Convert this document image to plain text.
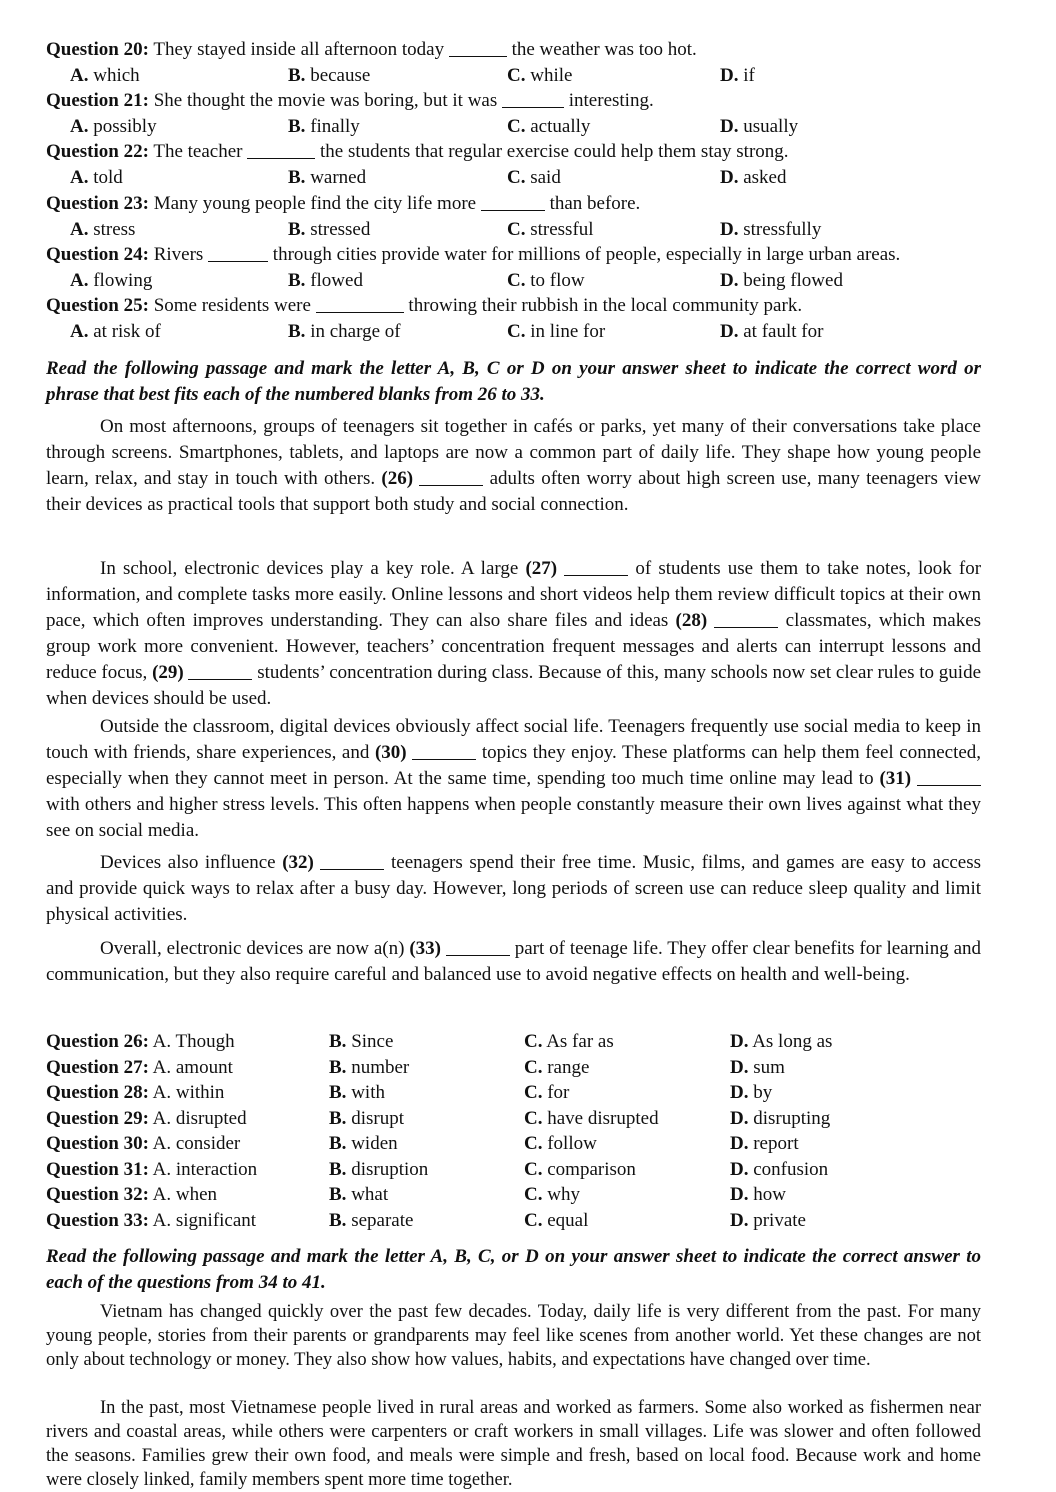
Question 20: They stayed inside all afternoon today	the weather was too hot.
A. which	B. because	C. while	D. if
Question 21: She thought the movie was boring, but it was	interesting.
A. possibly	B. finally	C. actually	D. usually
Question 22: The teacher	the students that regular exercise could help them stay strong.
A. told	B. warned	C. said	D. asked
Question 23: Many young people find the city life more	than before.
A. stress	B. stressed	C. stressful	D. stressfully
Question 24: Rivers	through cities provide water for millions of people, especially in large urban areas.
A. flowing	B. flowed	C. to flow	D. being flowed
Question 25: Some residents were	throwing their rubbish in the local community park.
A. at risk of	B. in charge of	C. in line for	D. at fault for
Read the following passage and mark the letter A, B, C or D on your answer sheet to indicate the correct word or phrase that best fits each of the numbered blanks from 26 to 33.

On most afternoons, groups of teenagers sit together in cafés or parks, yet many of their conversations take place through screens. Smartphones, tablets, and laptops are now a common part of daily life. They shape how young people learn, relax, and stay in touch with others. (26)	adults often worry about high screen use, many teenagers view their devices as practical tools that support both study and social connection.

In school, electronic devices play a key role. A large (27)	of students use them to take notes, look for information, and complete tasks more easily. Online lessons and short videos help them review difficult topics at their own pace, which often improves understanding. They can also share files and ideas (28)	classmates, which makes group work more convenient. However, teachers’ concentration frequent messages and alerts can interrupt lessons and reduce focus, (29)	students’ concentration during class. Because of this, many schools now set clear rules to guide when devices should be used.

Outside the classroom, digital devices obviously affect social life. Teenagers frequently use social media to keep in touch with friends, share experiences, and (30)	topics they enjoy. These platforms can help them feel connected, especially when they cannot meet in person. At the same time, spending too much time online may lead to (31)  with others and higher stress levels. This often happens when people constantly measure their own lives against what they see on social media.

Devices also influence (32)	teenagers spend their free time. Music, films, and games are easy to access and provide quick ways to relax after a busy day. However, long periods of screen use can reduce sleep quality and limit physical activities.

Overall, electronic devices are now a(n) (33)	part of teenage life. They offer clear benefits for learning and communication, but they also require careful and balanced use to avoid negative effects on health and well-being.

Question 26: A. Though	B. Since	C. As far as	D. As long as
Question 27: A. amount	B. number	C. range	D. sum
Question 28: A. within	B. with	C. for	D. by
Question 29: A. disrupted	B. disrupt	C. have disrupted	D. disrupting
Question 30: A. consider	B. widen	C. follow	D. report
Question 31: A. interaction	B. disruption	C. comparison	D. confusion
Question 32: A. when	B. what	C. why	D. how
Question 33: A. significant	B. separate	C. equal	D. private
Read the following passage and mark the letter A, B, C, or D on your answer sheet to indicate the correct answer to each of the questions from 34 to 41.

Vietnam has changed quickly over the past few decades. Today, daily life is very different from the past. For many young people, stories from their parents or grandparents may feel like scenes from another world. Yet these changes are not only about technology or money. They also show how values, habits, and expectations have changed over time.

In the past, most Vietnamese people lived in rural areas and worked as farmers. Some also worked as fishermen near rivers and coastal areas, while others were carpenters or craft workers in small villages. Life was slower and often followed the seasons. Families grew their own food, and meals were simple and fresh, based on local food. Because work and home were closely linked, family members spent more time together.
